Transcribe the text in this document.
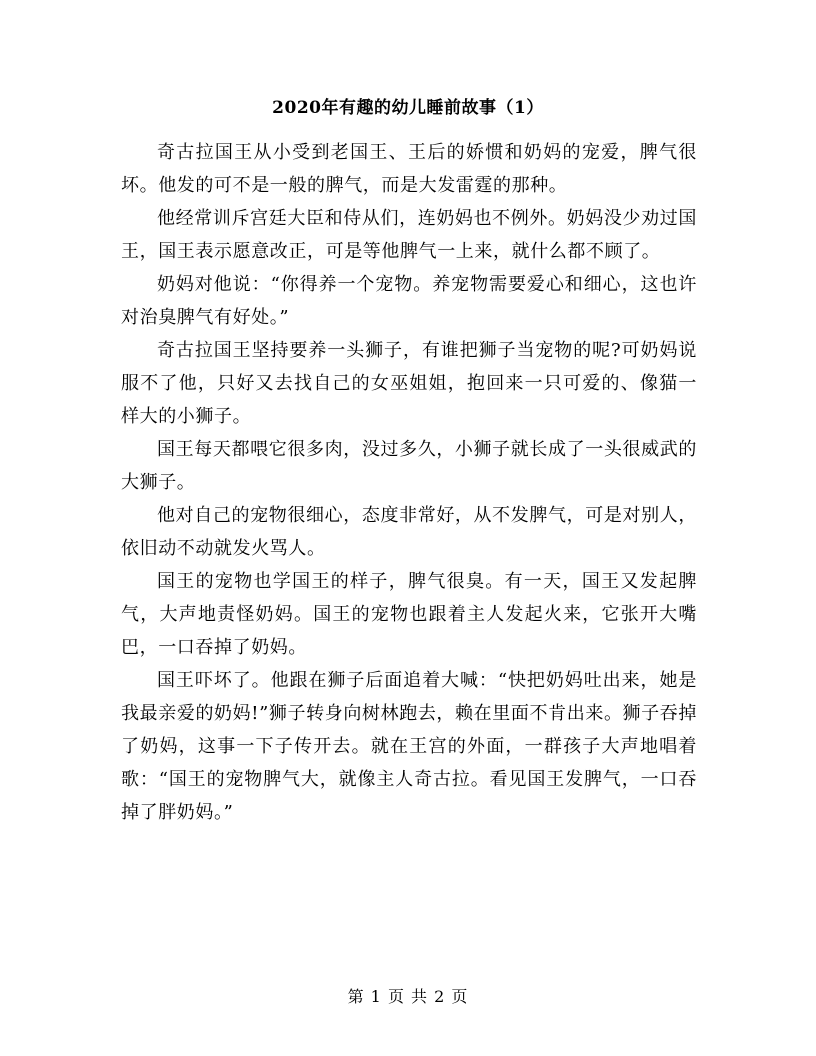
2020年有趣的幼儿睡前故事（1）

奇古拉国王从小受到老国王、王后的娇惯和奶妈的宠爱，脾气很坏。他发的可不是一般的脾气，而是大发雷霆的那种。

他经常训斥宫廷大臣和侍从们，连奶妈也不例外。奶妈没少劝过国王，国王表示愿意改正，可是等他脾气一上来，就什么都不顾了。

奶妈对他说：“你得养一个宠物。养宠物需要爱心和细心，这也许对治臭脾气有好处。”

奇古拉国王坚持要养一头狮子，有谁把狮子当宠物的呢?可奶妈说服不了他，只好又去找自己的女巫姐姐，抱回来一只可爱的、像猫一样大的小狮子。

国王每天都喂它很多肉，没过多久，小狮子就长成了一头很威武的大狮子。

他对自己的宠物很细心，态度非常好，从不发脾气，可是对别人，依旧动不动就发火骂人。

国王的宠物也学国王的样子，脾气很臭。有一天，国王又发起脾气，大声地责怪奶妈。国王的宠物也跟着主人发起火来，它张开大嘴巴，一口吞掉了奶妈。

国王吓坏了。他跟在狮子后面追着大喊：“快把奶妈吐出来，她是我最亲爱的奶妈!”狮子转身向树林跑去，赖在里面不肯出来。狮子吞掉了奶妈，这事一下子传开去。就在王宫的外面，一群孩子大声地唱着歌：“国王的宠物脾气大，就像主人奇古拉。看见国王发脾气，一口吞掉了胖奶妈。”

第 1 页 共 2 页
